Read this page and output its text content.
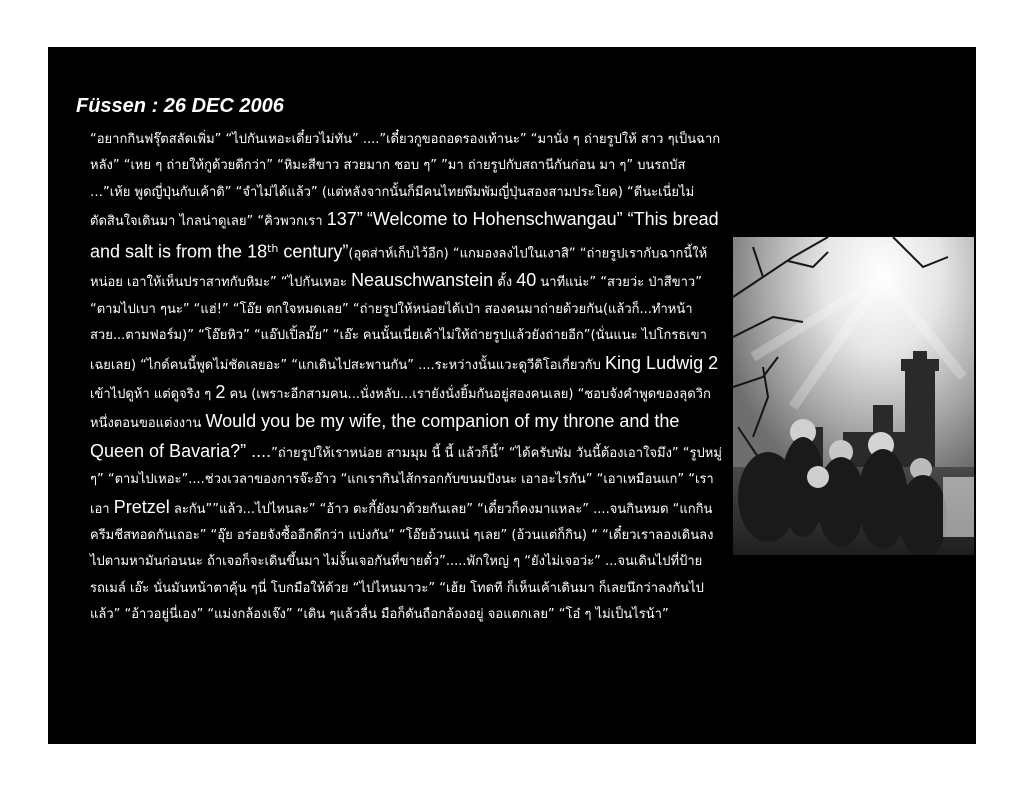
Füssen : 26 DEC 2006

“อยากกินฟรุ๊ตสลัดเพิ่ม” “ไปกันเหอะเดี๋ยวไม่ทัน” ....”เดี๋ยวกูขอถอดรองเท้านะ” “มานั่ง ๆ ถ่ายรูปให้ สาว ๆเป็นฉากหลัง” “เหย ๆ ถ่ายให้กูด้วยดีกว่า” “หิมะสีขาว สวยมาก ชอบ ๆ” ”มา ถ่ายรูปกับสถานีกันก่อน มา ๆ” บนรถบัส …”เห้ย พูดญี่ปุ่นกับเค้าดิ” “จำไม่ได้แล้ว” (แต่หลังจากนั้นก็มีคนไทยพึมพัมญี่ปุ่นสองสามประโยค) “ดีนะเนี่ยไม่ตัดสินใจเดินมา ไกลน่าดูเลย” “คิวพวกเรา 137” “Welcome to Hohenschwangau” “This bread and salt is from the 18th century”(อุตส่าห์เก็บไว้อีก) “แกมองลงไปในเงาสิ” “ถ่ายรูปเรากับฉากนี้ให้หน่อย เอาให้เห็นปราสาทกับหิมะ” “ไปกันเหอะ Neauschwanstein ตั้ง 40 นาทีแน่ะ” “สวยว่ะ ป่าสีขาว” “ตามไปเบา ๆนะ” “แฮ่!” “โอ๊ย ตกใจหมดเลย” “ถ่ายรูปให้หน่อยได้เป่า สองคนมาถ่ายด้วยกัน(แล้วก็...ทำหน้าสวย...ตามฟอร์ม)” “โอ๊ยหิว” “แอ๊ปเปิ้ลมั๊ย” “เอ๊ะ คนนั้นเนี่ยเค้าไม่ให้ถ่ายรูปแล้วยังถ่ายอีก”(นั่นแนะ ไปโกรธเขาเฉยเลย) “ไกด์คนนี้พูดไม่ชัดเลยอะ” “แกเดินไปสะพานกัน” ....ระหว่างนั้นแวะดูวีดิโอเกี่ยวกับ King Ludwig 2 เข้าไปดูห้า แต่ดูจริง ๆ 2 คน (เพราะอีกสามคน...นั่งหลับ...เรายังนั่งยิ้มกันอยู่สองคนเลย) “ชอบจังคำพูดของลุดวิกหนึ่งตอนขอแต่งงาน Would you be my wife, the companion of my throne and the Queen of Bavaria?” ....”ถ่ายรูปให้เราหน่อย สามมุม นี้ นี้ แล้วก็นี้” “ได้ครับพัม วันนี้ต้องเอาใจมึง” “รูปหมู่ ๆ” “ตามไปเหอะ”....ช่วงเวลาของการจ๊ะอ๊าว “แกเรากินไส้กรอกกับขนมปังนะ เอาอะไรกัน” “เอาเหมือนแก” “เราเอา Pretzel ละกัน””แล้ว...ไปไหนละ” “อ้าว ตะกี้ยังมาด้วยกันเลย” “เดี๋ยวก็คงมาแหละ” ....จนกินหมด “แกกินครีมชีสทอดกันเถอะ” “อุ๊ย อร่อยจังซื้ออีกดีกว่า แบ่งกัน” “โอ๊ยอ้วนแน่ ๆเลย” (อ้วนแต่ก็กิน) “ “เดี๋ยวเราลองเดินลงไปตามหามันก่อนนะ ถ้าเจอก็จะเดินขึ้นมา ไม่งั้นเจอกันที่ขายตั๋ว”.....พักใหญ่ ๆ “ยังไม่เจอว่ะ” ...จนเดินไปที่ป้ายรถเมล์ เอ๊ะ นั่นมันหน้าตาคุ้น ๆนี่ โบกมือให้ด้วย “ไปไหนมาวะ” “เฮ้ย โทดที ก็เห็นเค้าเดินมา ก็เลยนึกว่าลงกันไปแล้ว” “อ้าวอยู่นี่เอง” “แม่งกล้องเจ๊ง” “เดิน ๆแล้วลื่น มือก็ดันถือกล้องอยู่ จอแตกเลย” “โอ๋ ๆ ไม่เป็นไรน้า”
